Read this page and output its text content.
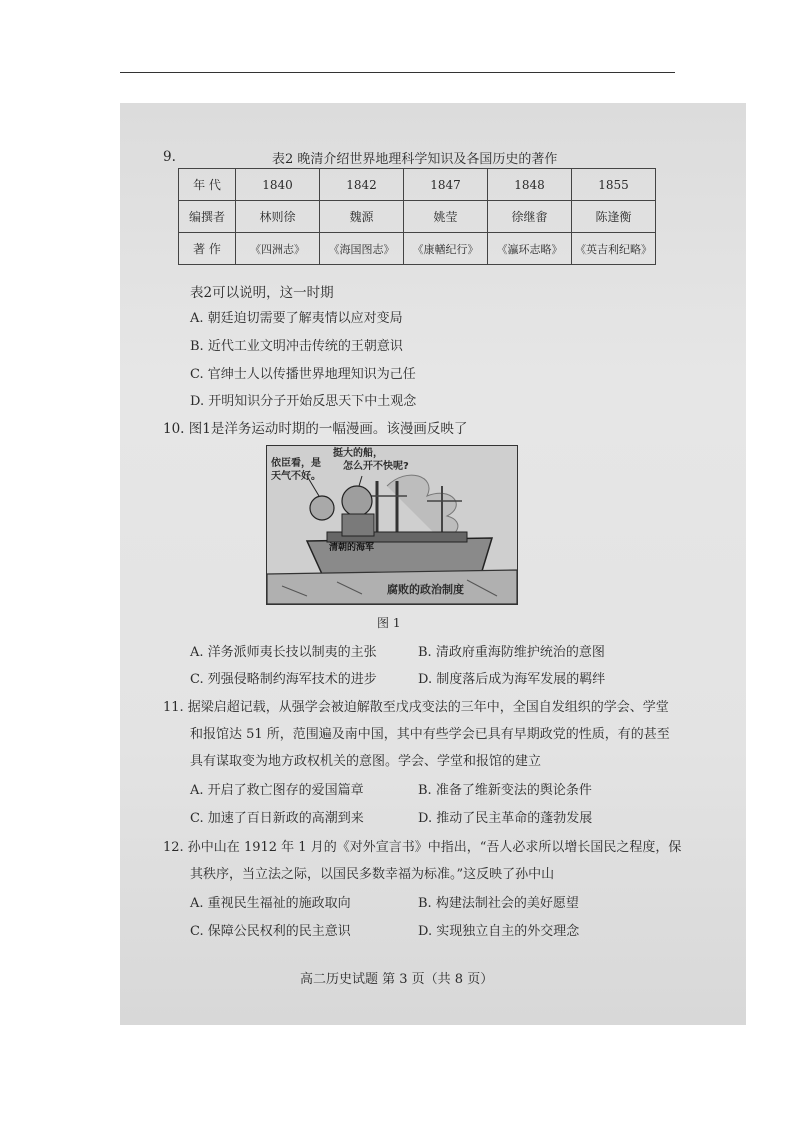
9.	表2 晚清介绍世界地理科学知识及各国历史的著作
年 代	1840	1842	1847	1848	1855
编撰者	林则徐	魏源	姚莹	徐继畬	陈逢衡
著 作	《四洲志》	《海国图志》	《康輶纪行》	《瀛环志略》	《英吉利纪略》
表2可以说明，这一时期
A. 朝廷迫切需要了解夷情以应对变局
B. 近代工业文明冲击传统的王朝意识
C. 官绅士人以传播世界地理知识为己任
D. 开明知识分子开始反思天下中土观念
10. 图1是洋务运动时期的一幅漫画。该漫画反映了
依臣看，是
天气不好。
挺大的船，
怎么开不快呢?
清朝的海军
腐败的政治制度
图 1
A. 洋务派师夷长技以制夷的主张	B. 清政府重海防维护统治的意图
C. 列强侵略制约海军技术的进步	D. 制度落后成为海军发展的羁绊
11. 据梁启超记载，从强学会被迫解散至戊戌变法的三年中，全国自发组织的学会、学堂
和报馆达 51 所，范围遍及南中国，其中有些学会已具有早期政党的性质，有的甚至
具有谋取变为地方政权机关的意图。学会、学堂和报馆的建立
A. 开启了救亡图存的爱国篇章	B. 准备了维新变法的舆论条件
C. 加速了百日新政的高潮到来	D. 推动了民主革命的蓬勃发展
12. 孙中山在 1912 年 1 月的《对外宣言书》中指出，“吾人必求所以增长国民之程度，保
其秩序，当立法之际，以国民多数幸福为标准。”这反映了孙中山
A. 重视民生福祉的施政取向	B. 构建法制社会的美好愿望
C. 保障公民权利的民主意识	D. 实现独立自主的外交理念
高二历史试题 第 3 页（共 8 页）
